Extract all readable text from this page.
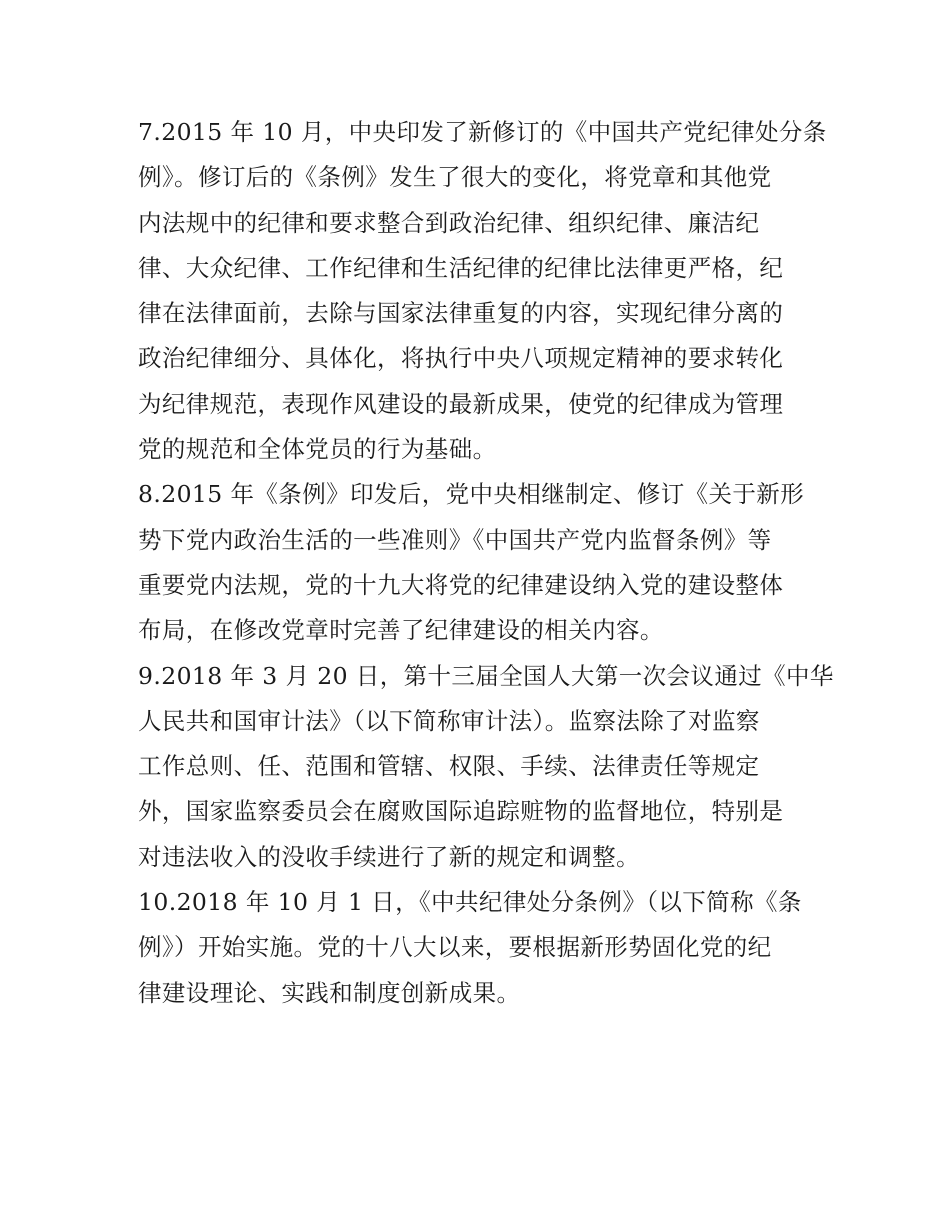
7.2015 年 10 月，中央印发了新修订的《中国共产党纪律处分条
例》。修订后的《条例》发生了很大的变化，将党章和其他党
内法规中的纪律和要求整合到政治纪律、组织纪律、廉洁纪
律、大众纪律、工作纪律和生活纪律的纪律比法律更严格，纪
律在法律面前，去除与国家法律重复的内容，实现纪律分离的
政治纪律细分、具体化，将执行中央八项规定精神的要求转化
为纪律规范，表现作风建设的最新成果，使党的纪律成为管理
党的规范和全体党员的行为基础。
8.2015 年《条例》印发后，党中央相继制定、修订《关于新形
势下党内政治生活的一些准则》《中国共产党内监督条例》等
重要党内法规，党的十九大将党的纪律建设纳入党的建设整体
布局，在修改党章时完善了纪律建设的相关内容。
9.2018 年 3 月 20 日，第十三届全国人大第一次会议通过《中华
人民共和国审计法》（以下简称审计法）。监察法除了对监察
工作总则、任、范围和管辖、权限、手续、法律责任等规定
外，国家监察委员会在腐败国际追踪赃物的监督地位，特别是
对违法收入的没收手续进行了新的规定和调整。
10.2018 年 10 月 1 日，《中共纪律处分条例》（以下简称《条
例》）开始实施。党的十八大以来，要根据新形势固化党的纪
律建设理论、实践和制度创新成果。
